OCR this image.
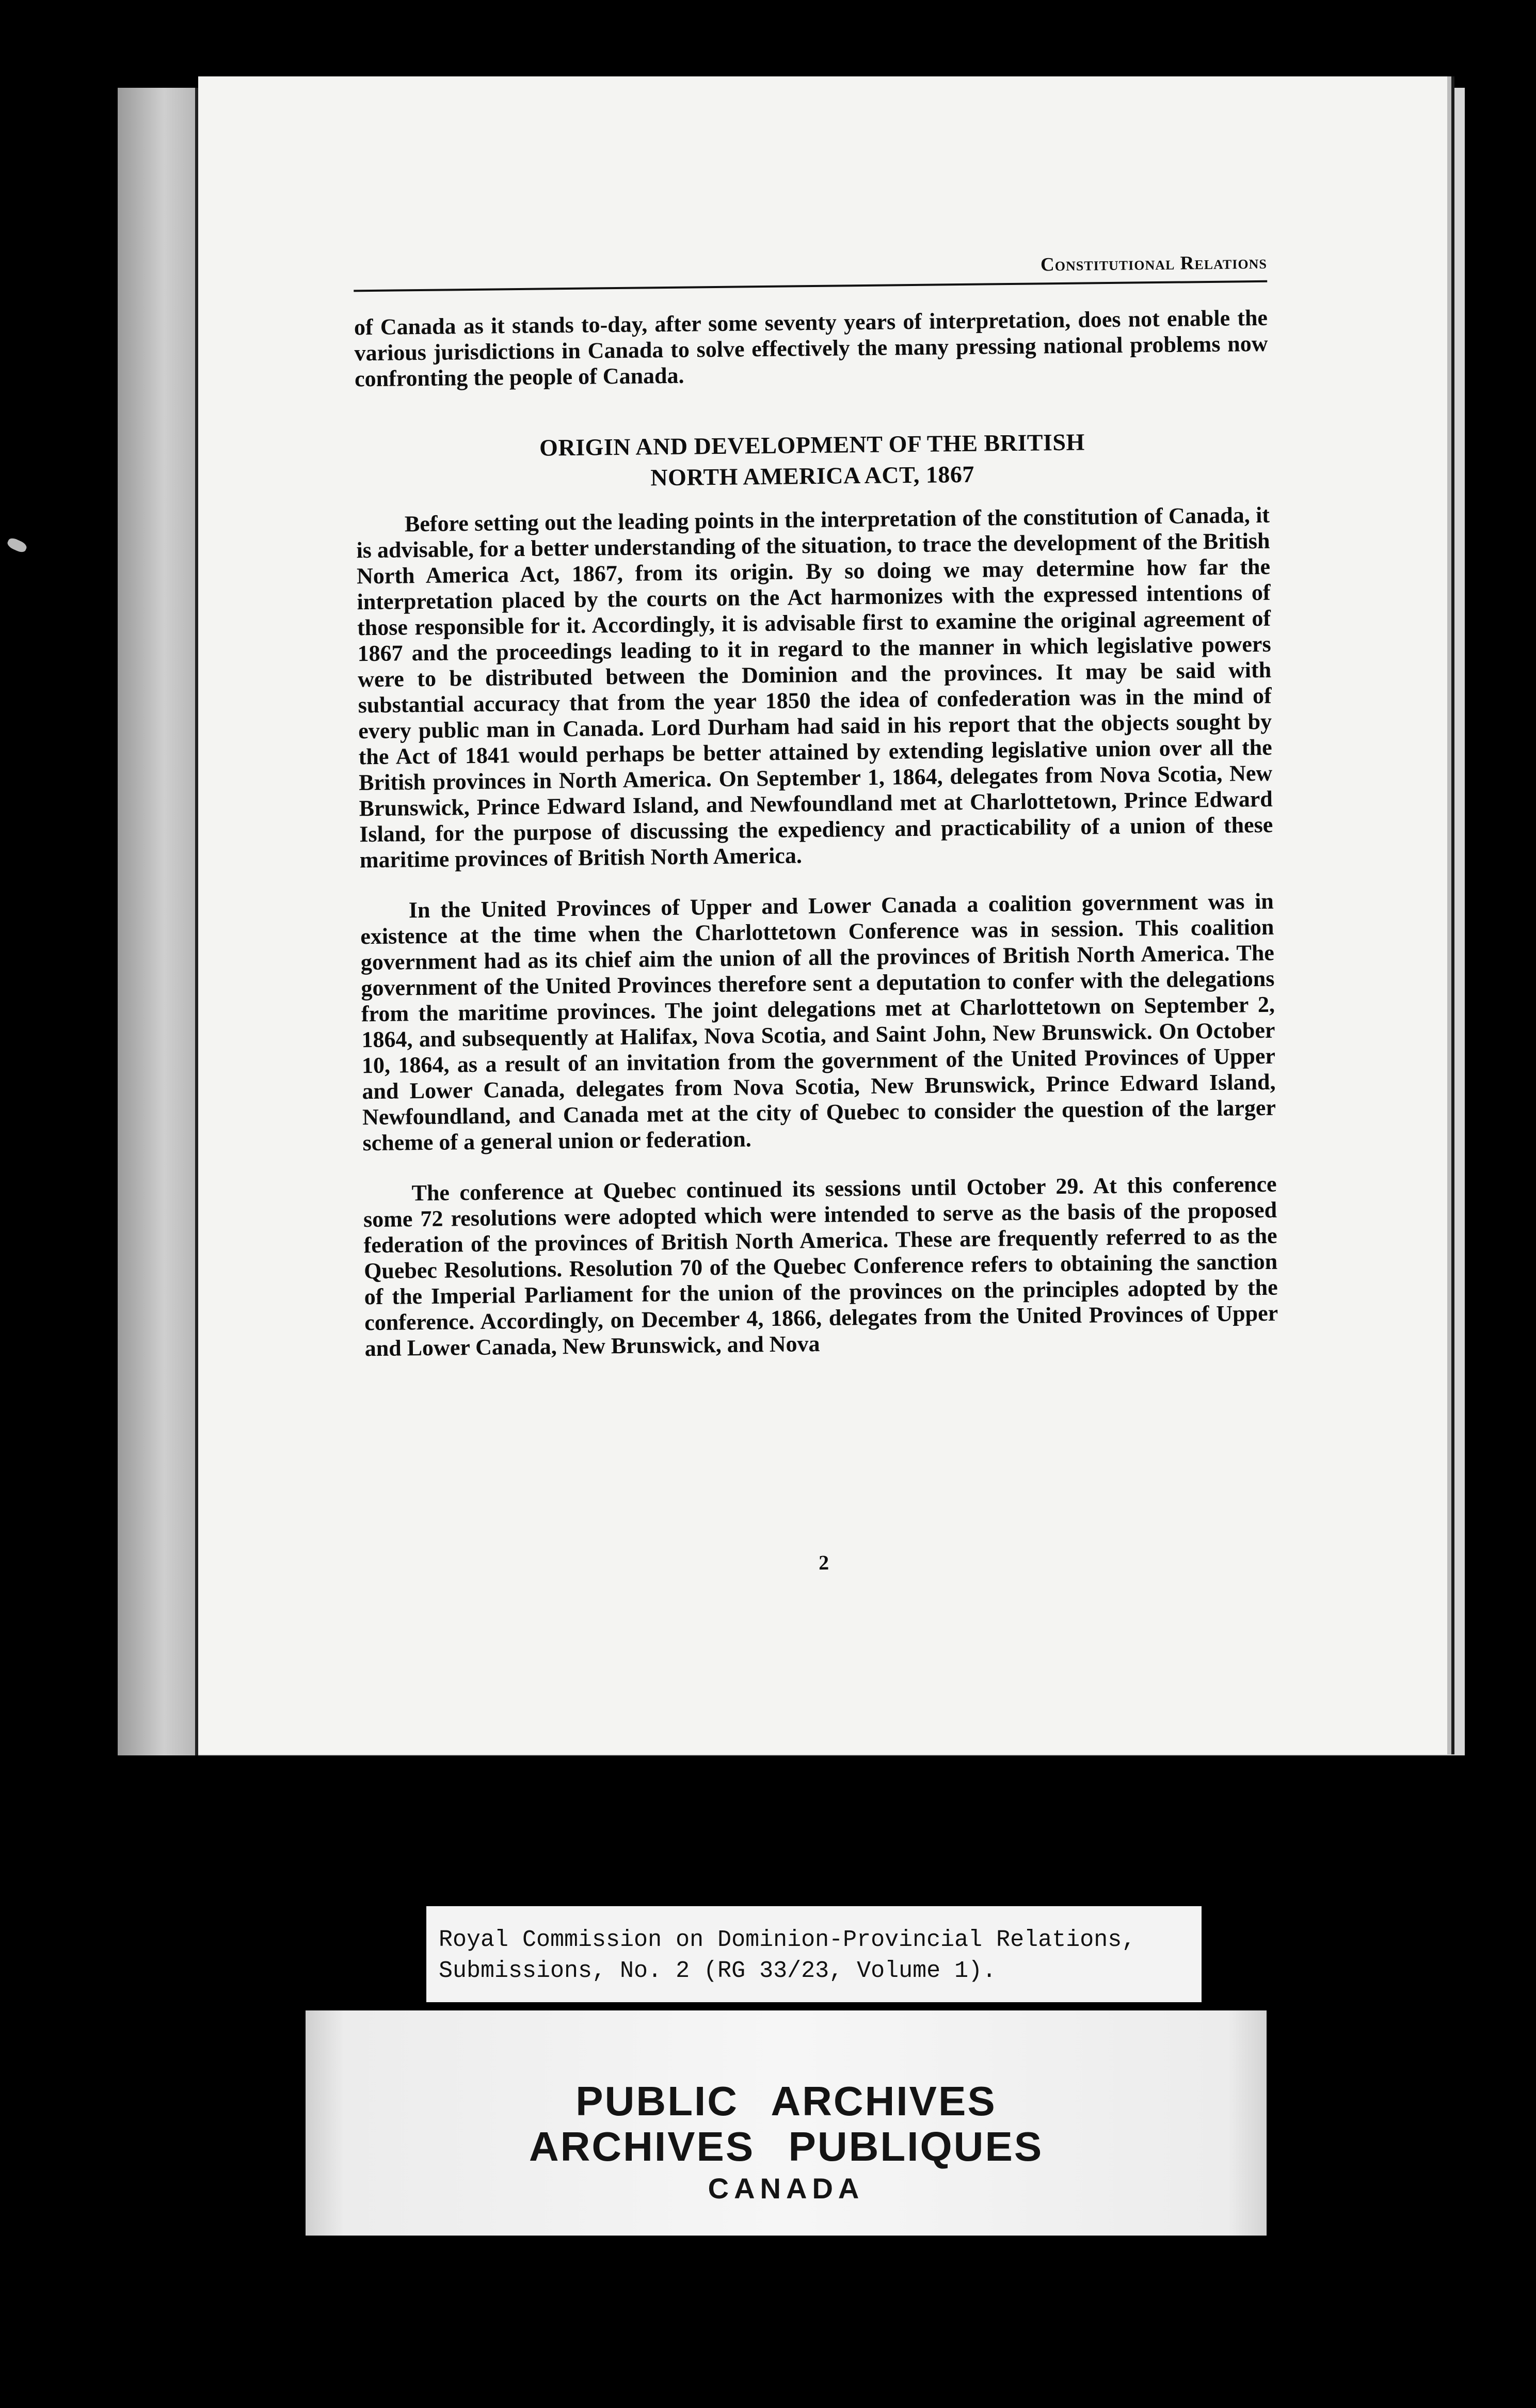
Constitutional Relations

of Canada as it stands to-day, after some seventy years of interpretation, does not enable the various jurisdictions in Canada to solve effectively the many pressing national problems now confronting the people of Canada.

ORIGIN AND DEVELOPMENT OF THE BRITISH
NORTH AMERICA ACT, 1867

Before setting out the leading points in the interpretation of the constitution of Canada, it is advisable, for a better understanding of the situation, to trace the development of the British North America Act, 1867, from its origin. By so doing we may determine how far the interpretation placed by the courts on the Act harmonizes with the expressed intentions of those responsible for it. Accordingly, it is advisable first to examine the original agreement of 1867 and the proceedings leading to it in regard to the manner in which legislative powers were to be distributed between the Dominion and the provinces. It may be said with substantial accuracy that from the year 1850 the idea of confederation was in the mind of every public man in Canada. Lord Durham had said in his report that the objects sought by the Act of 1841 would perhaps be better attained by extending legislative union over all the British provinces in North America. On September 1, 1864, delegates from Nova Scotia, New Brunswick, Prince Edward Island, and Newfoundland met at Charlottetown, Prince Edward Island, for the purpose of discussing the expediency and practicability of a union of these maritime provinces of British North America.

In the United Provinces of Upper and Lower Canada a coalition government was in existence at the time when the Charlottetown Conference was in session. This coalition government had as its chief aim the union of all the provinces of British North America. The government of the United Provinces therefore sent a deputation to confer with the delegations from the maritime provinces. The joint delegations met at Charlottetown on September 2, 1864, and subsequently at Halifax, Nova Scotia, and Saint John, New Brunswick. On October 10, 1864, as a result of an invitation from the government of the United Provinces of Upper and Lower Canada, delegates from Nova Scotia, New Brunswick, Prince Edward Island, Newfoundland, and Canada met at the city of Quebec to consider the question of the larger scheme of a general union or federation.

The conference at Quebec continued its sessions until October 29. At this conference some 72 resolutions were adopted which were intended to serve as the basis of the proposed federation of the provinces of British North America. These are frequently referred to as the Quebec Resolutions. Resolution 70 of the Quebec Conference refers to obtaining the sanction of the Imperial Parliament for the union of the provinces on the principles adopted by the conference. Accordingly, on December 4, 1866, delegates from the United Provinces of Upper and Lower Canada, New Brunswick, and Nova

2
Royal Commission on Dominion-Provincial Relations,
Submissions, No. 2 (RG 33/23, Volume 1).
PUBLIC ARCHIVES
ARCHIVES PUBLIQUES
CANADA
